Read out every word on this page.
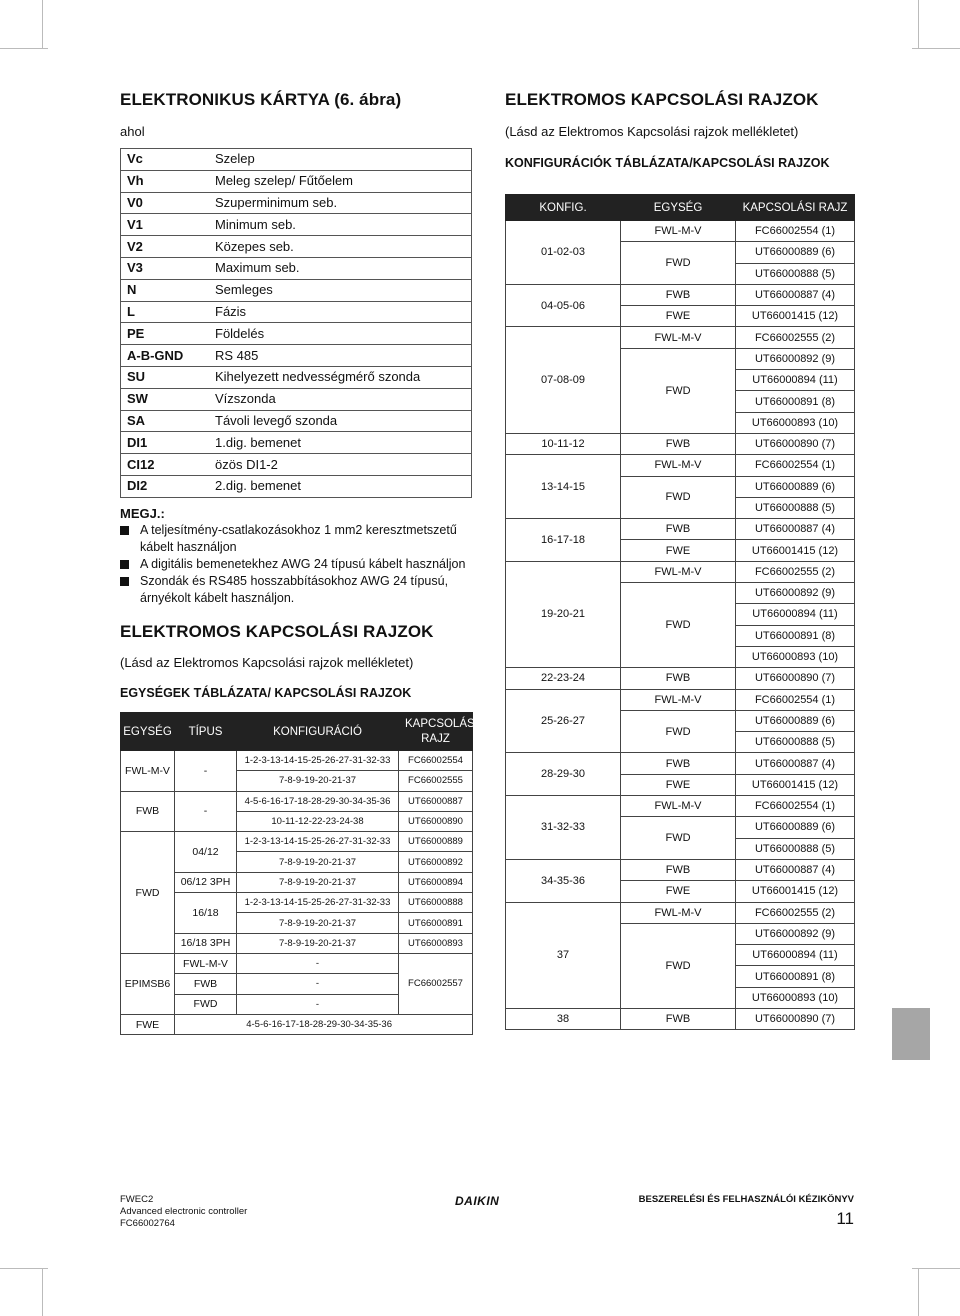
ELEKTRONIKUS KÁRTYA (6. ábra)
ahol
Vc	Szelep
Vh	Meleg szelep/ Fűtőelem
V0	Szuperminimum seb.
V1	Minimum seb.
V2	Közepes seb.
V3	Maximum seb.
N	Semleges
L	Fázis
PE	Földelés
A-B-GND	RS 485
SU	Kihelyezett nedvességmérő szonda
SW	Vízszonda
SA	Távoli levegő szonda
DI1	1.dig. bemenet
CI12	özös DI1-2
DI2	2.dig. bemenet
MEGJ.:
A teljesítmény-csatlakozásokhoz 1 mm2 keresztmetszetű kábelt használjon
A digitális bemenetekhez AWG 24 típusú kábelt használjon
Szondák és RS485 hosszabbításokhoz AWG 24 típusú, árnyékolt kábelt használjon.
ELEKTROMOS KAPCSOLÁSI RAJZOK
(Lásd az Elektromos Kapcsolási rajzok mellékletet)
EGYSÉGEK TÁBLÁZATA/ KAPCSOLÁSI RAJZOK
EGYSÉG	TÍPUS	KONFIGURÁCIÓ	KAPCSOLÁSI RAJZ
FWL-M-V	-	1-2-3-13-14-15-25-26-27-31-32-33	FC66002554
		7-8-9-19-20-21-37	FC66002555
FWB	-	4-5-6-16-17-18-28-29-30-34-35-36	UT66000887
		10-11-12-22-23-24-38	UT66000890
FWD	04/12	1-2-3-13-14-15-25-26-27-31-32-33	UT66000889
		7-8-9-19-20-21-37	UT66000892
	06/12 3PH	7-8-9-19-20-21-37	UT66000894
	16/18	1-2-3-13-14-15-25-26-27-31-32-33	UT66000888
		7-8-9-19-20-21-37	UT66000891
	16/18 3PH	7-8-9-19-20-21-37	UT66000893
EPIMSB6	FWL-M-V	-	FC66002557
	FWB	-	
	FWD	-	
FWE	4-5-6-16-17-18-28-29-30-34-35-36		
ELEKTROMOS KAPCSOLÁSI RAJZOK
(Lásd az Elektromos Kapcsolási rajzok mellékletet)
KONFIGURÁCIÓK TÁBLÁZATA/KAPCSOLÁSI RAJZOK
KONFIG.	EGYSÉG	KAPCSOLÁSI RAJZ
01-02-03	FWL-M-V	FC66002554 (1)
	FWD	UT66000889 (6)
		UT66000888 (5)
04-05-06	FWB	UT66000887 (4)
	FWE	UT66001415 (12)
07-08-09	FWL-M-V	FC66002555 (2)
	FWD	UT66000892 (9)
		UT66000894 (11)
		UT66000891 (8)
		UT66000893 (10)
10-11-12	FWB	UT66000890 (7)
13-14-15	FWL-M-V	FC66002554 (1)
	FWD	UT66000889 (6)
		UT66000888 (5)
16-17-18	FWB	UT66000887 (4)
	FWE	UT66001415 (12)
19-20-21	FWL-M-V	FC66002555 (2)
	FWD	UT66000892 (9)
		UT66000894 (11)
		UT66000891 (8)
		UT66000893 (10)
22-23-24	FWB	UT66000890 (7)
25-26-27	FWL-M-V	FC66002554 (1)
	FWD	UT66000889 (6)
		UT66000888 (5)
28-29-30	FWB	UT66000887 (4)
	FWE	UT66001415 (12)
31-32-33	FWL-M-V	FC66002554 (1)
	FWD	UT66000889 (6)
		UT66000888 (5)
34-35-36	FWB	UT66000887 (4)
	FWE	UT66001415 (12)
37	FWL-M-V	FC66002555 (2)
	FWD	UT66000892 (9)
		UT66000894 (11)
		UT66000891 (8)
		UT66000893 (10)
38	FWB	UT66000890 (7)
FWEC2
Advanced electronic controller
FC66002764
DAIKIN	BESZERELÉSI ÉS FELHASZNÁLÓI KÉZIKÖNYV
11
